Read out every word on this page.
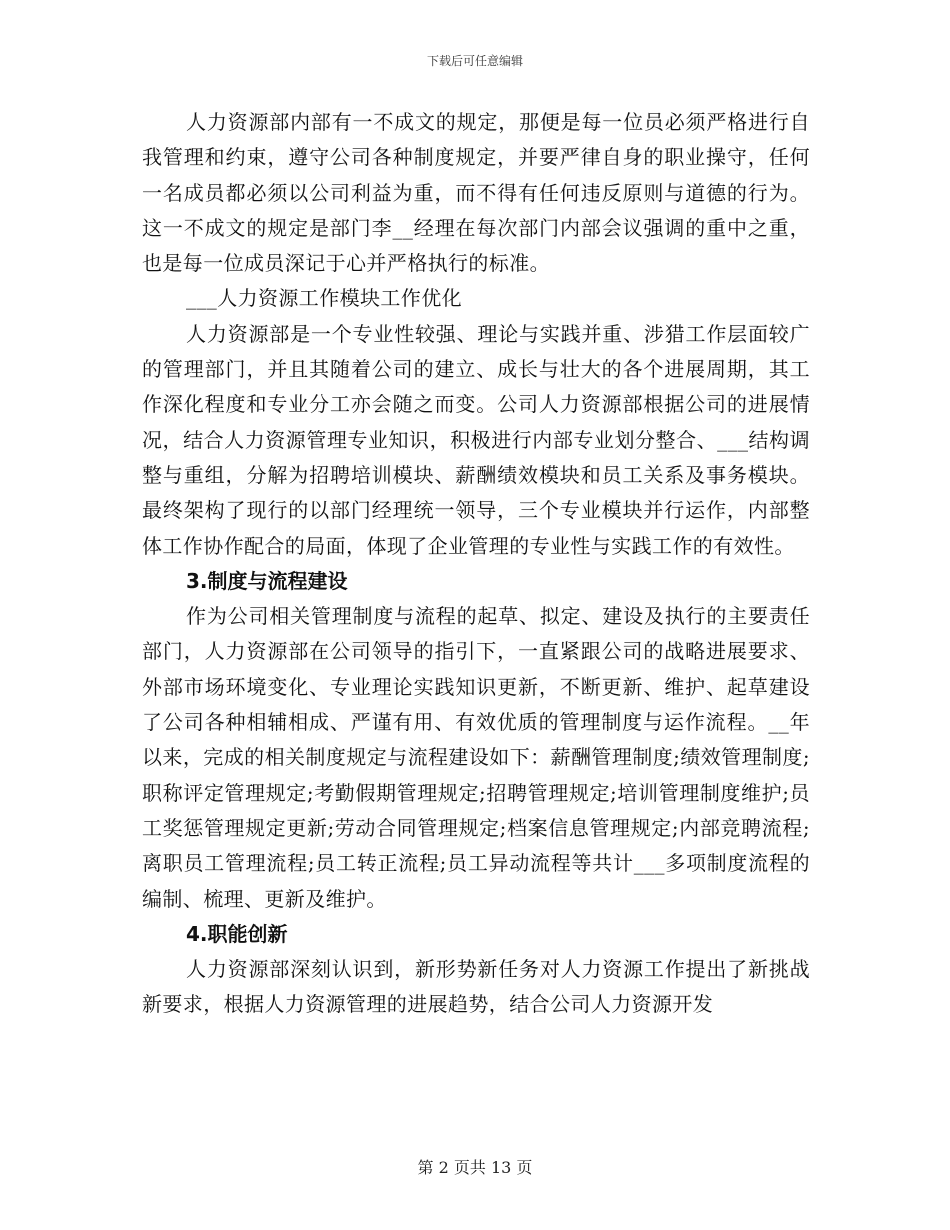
下载后可任意编辑

人力资源部内部有一不成文的规定，那便是每一位员必须严格进行自我管理和约束，遵守公司各种制度规定，并要严律自身的职业操守，任何一名成员都必须以公司利益为重，而不得有任何违反原则与道德的行为。这一不成文的规定是部门李__经理在每次部门内部会议强调的重中之重，也是每一位成员深记于心并严格执行的标准。

___人力资源工作模块工作优化

人力资源部是一个专业性较强、理论与实践并重、涉猎工作层面较广的管理部门，并且其随着公司的建立、成长与壮大的各个进展周期，其工作深化程度和专业分工亦会随之而变。公司人力资源部根据公司的进展情况，结合人力资源管理专业知识，积极进行内部专业划分整合、___结构调整与重组，分解为招聘培训模块、薪酬绩效模块和员工关系及事务模块。最终架构了现行的以部门经理统一领导，三个专业模块并行运作，内部整体工作协作配合的局面，体现了企业管理的专业性与实践工作的有效性。

3.制度与流程建设

作为公司相关管理制度与流程的起草、拟定、建设及执行的主要责任部门，人力资源部在公司领导的指引下，一直紧跟公司的战略进展要求、外部市场环境变化、专业理论实践知识更新，不断更新、维护、起草建设了公司各种相辅相成、严谨有用、有效优质的管理制度与运作流程。__年以来，完成的相关制度规定与流程建设如下：薪酬管理制度;绩效管理制度;职称评定管理规定;考勤假期管理规定;招聘管理规定;培训管理制度维护;员工奖惩管理规定更新;劳动合同管理规定;档案信息管理规定;内部竞聘流程;离职员工管理流程;员工转正流程;员工异动流程等共计___多项制度流程的编制、梳理、更新及维护。

4.职能创新

人力资源部深刻认识到，新形势新任务对人力资源工作提出了新挑战新要求，根据人力资源管理的进展趋势，结合公司人力资源开发

第 2 页共 13 页
